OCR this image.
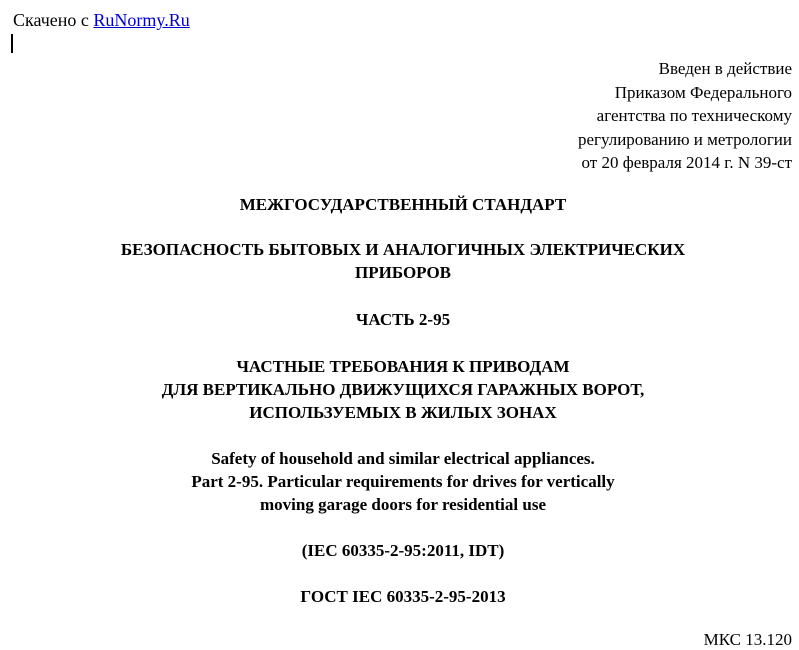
Скачено с RuNormy.Ru
Введен в действие
Приказом Федерального
агентства по техническому
регулированию и метрологии
от 20 февраля 2014 г. N 39-ст
МЕЖГОСУДАРСТВЕННЫЙ СТАНДАРТ
БЕЗОПАСНОСТЬ БЫТОВЫХ И АНАЛОГИЧНЫХ ЭЛЕКТРИЧЕСКИХ
ПРИБОРОВ
ЧАСТЬ 2-95
ЧАСТНЫЕ ТРЕБОВАНИЯ К ПРИВОДАМ
ДЛЯ ВЕРТИКАЛЬНО ДВИЖУЩИХСЯ ГАРАЖНЫХ ВОРОТ,
ИСПОЛЬЗУЕМЫХ В ЖИЛЫХ ЗОНАХ
Safety of household and similar electrical appliances.
Part 2-95. Particular requirements for drives for vertically
moving garage doors for residential use
(IEC 60335-2-95:2011, IDT)
ГОСТ IEC 60335-2-95-2013
МКС 13.120
